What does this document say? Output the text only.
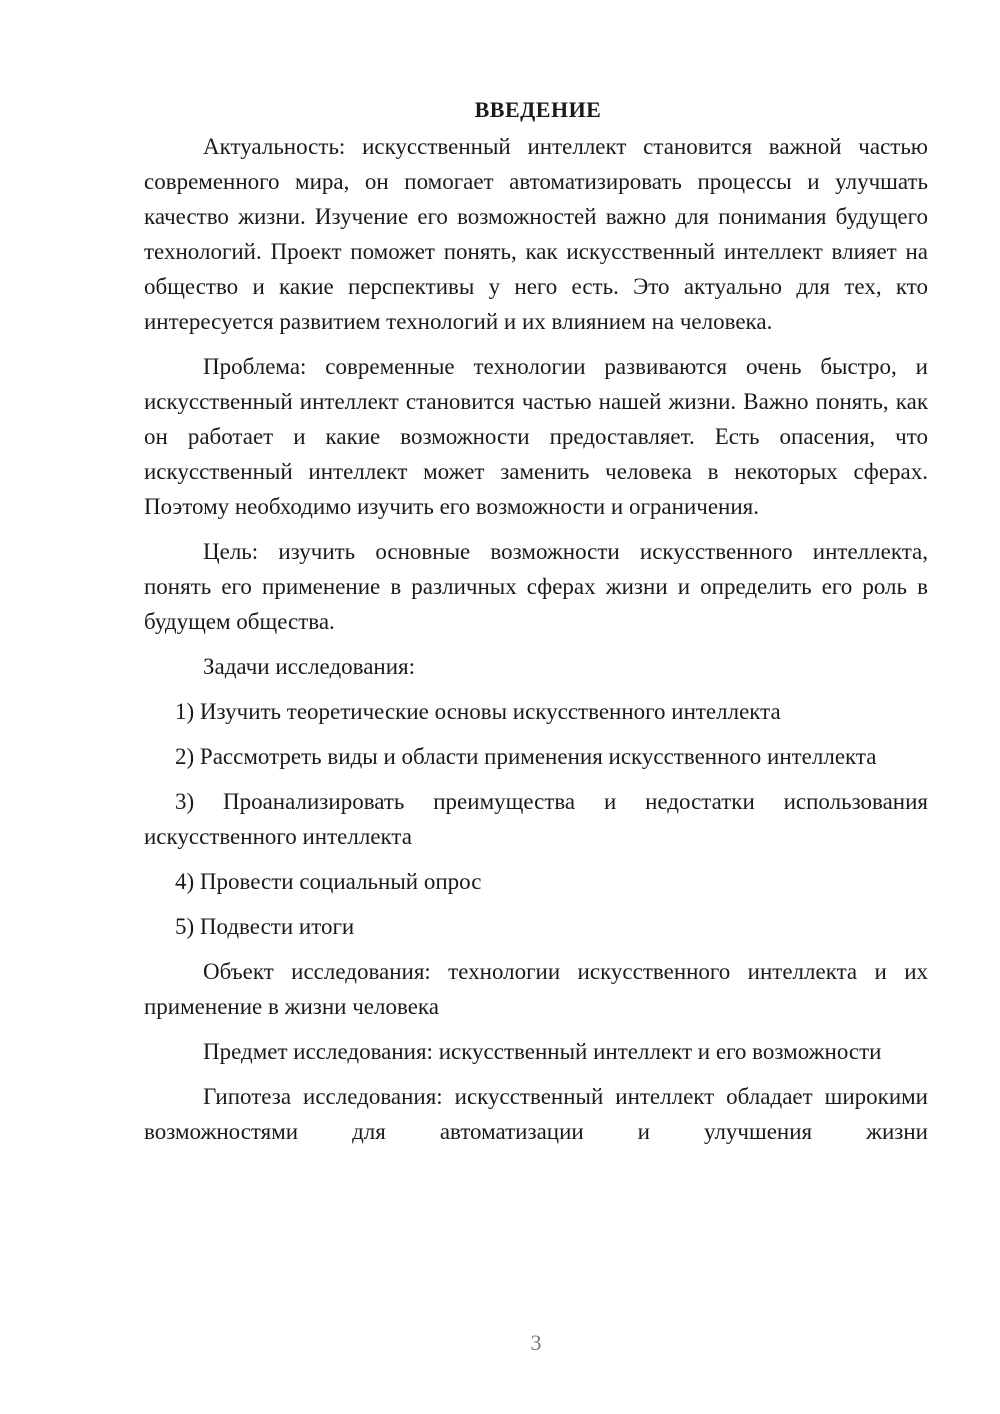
ВВЕДЕНИЕ

Актуальность: искусственный интеллект становится важной частью современного мира, он помогает автоматизировать процессы и улучшать качество жизни. Изучение его возможностей важно для понимания будущего технологий. Проект поможет понять, как искусственный интеллект влияет на общество и какие перспективы у него есть. Это актуально для тех, кто интересуется развитием технологий и их влиянием на человека.

Проблема: современные технологии развиваются очень быстро, и искусственный интеллект становится частью нашей жизни. Важно понять, как он работает и какие возможности предоставляет. Есть опасения, что искусственный интеллект может заменить человека в некоторых сферах. Поэтому необходимо изучить его возможности и ограничения.

Цель: изучить основные возможности искусственного интеллекта, понять его применение в различных сферах жизни и определить его роль в будущем общества.

Задачи исследования:

1) Изучить теоретические основы искусственного интеллекта

2) Рассмотреть виды и области применения искусственного интеллекта

3) Проанализировать преимущества и недостатки использования искусственного интеллекта

4) Провести социальный опрос

5) Подвести итоги

Объект исследования: технологии искусственного интеллекта и их применение в жизни человека

Предмет исследования: искусственный интеллект и его возможности

Гипотеза исследования: искусственный интеллект обладает широкими возможностями для автоматизации и улучшения жизни

3
